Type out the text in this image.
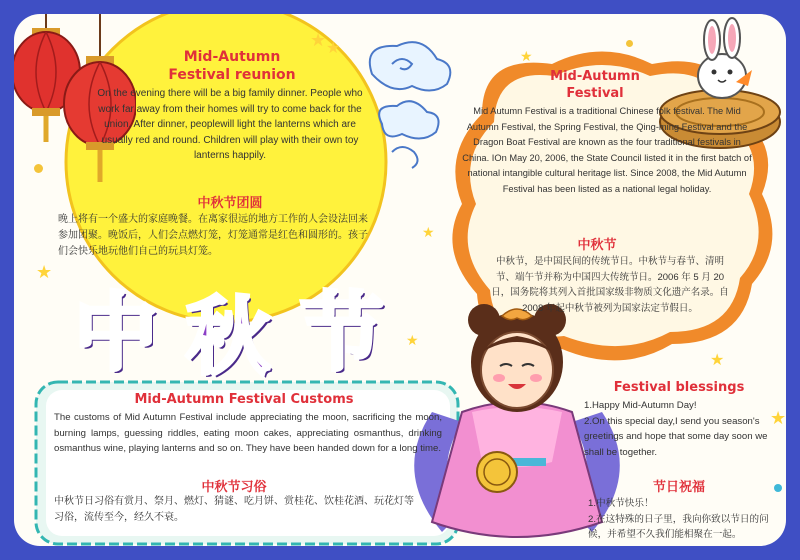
★ ★	★
★
★
★
★
★
Mid-Autumn
Festival reunion
On the evening there will be a big family dinner. People who work far away from their homes will try to come back for the union. After dinner, peoplewill light the lanterns which are usually red and round. Children will play with their own toy lanterns happily.
中秋节团圆
晚上将有一个盛大的家庭晚餐。在离家很远的地方工作的人会设法回来参加团聚。晚饭后，人们会点燃灯笼，灯笼通常是红色和圆形的。孩子们会快乐地玩他们自己的玩具灯笼。
Mid-Autumn
Festival
Mid Autumn Festival is a traditional Chinese folk festival. The Mid Autumn Festival, the Spring Festival, the Qing-ming Festival and the Dragon Boat Festival are known as the four traditional festivals in China. IOn May 20, 2006, the State Council listed it in the first batch of national intangible cultural heritage list. Since 2008, the Mid Autumn Festival has been listed as a national legal holiday.
中秋节
中秋节，是中国民间的传统节日。中秋节与春节、清明节、端午节并称为中国四大传统节日。2006 年 5 月 20 日，国务院将其列入首批国家级非物质文化遗产名录。自 2008 年起中秋节被列为国家法定节假日。
中 秋 节
Mid-Autumn Festival Customs
The customs of Mid Autumn Festival include appreciating the moon, sacrificing the moon, burning lamps, guessing riddles, eating moon cakes, appreciating osmanthus, drinking osmanthus wine, playing lanterns and so on. They have been handed down for a long time.
中秋节习俗
中秋节日习俗有赏月、祭月、燃灯、猜谜、吃月饼、赏桂花、饮桂花酒、玩花灯等习俗，流传至今，经久不衰。
Festival blessings
1.Happy Mid-Autumn Day!
2.On this special day,I send you season's greetings and hope that some day soon we shall be together.
节日祝福
1.中秋节快乐！
2.在这特殊的日子里，我向你致以节日的问候，并希望不久我们能相聚在一起。
